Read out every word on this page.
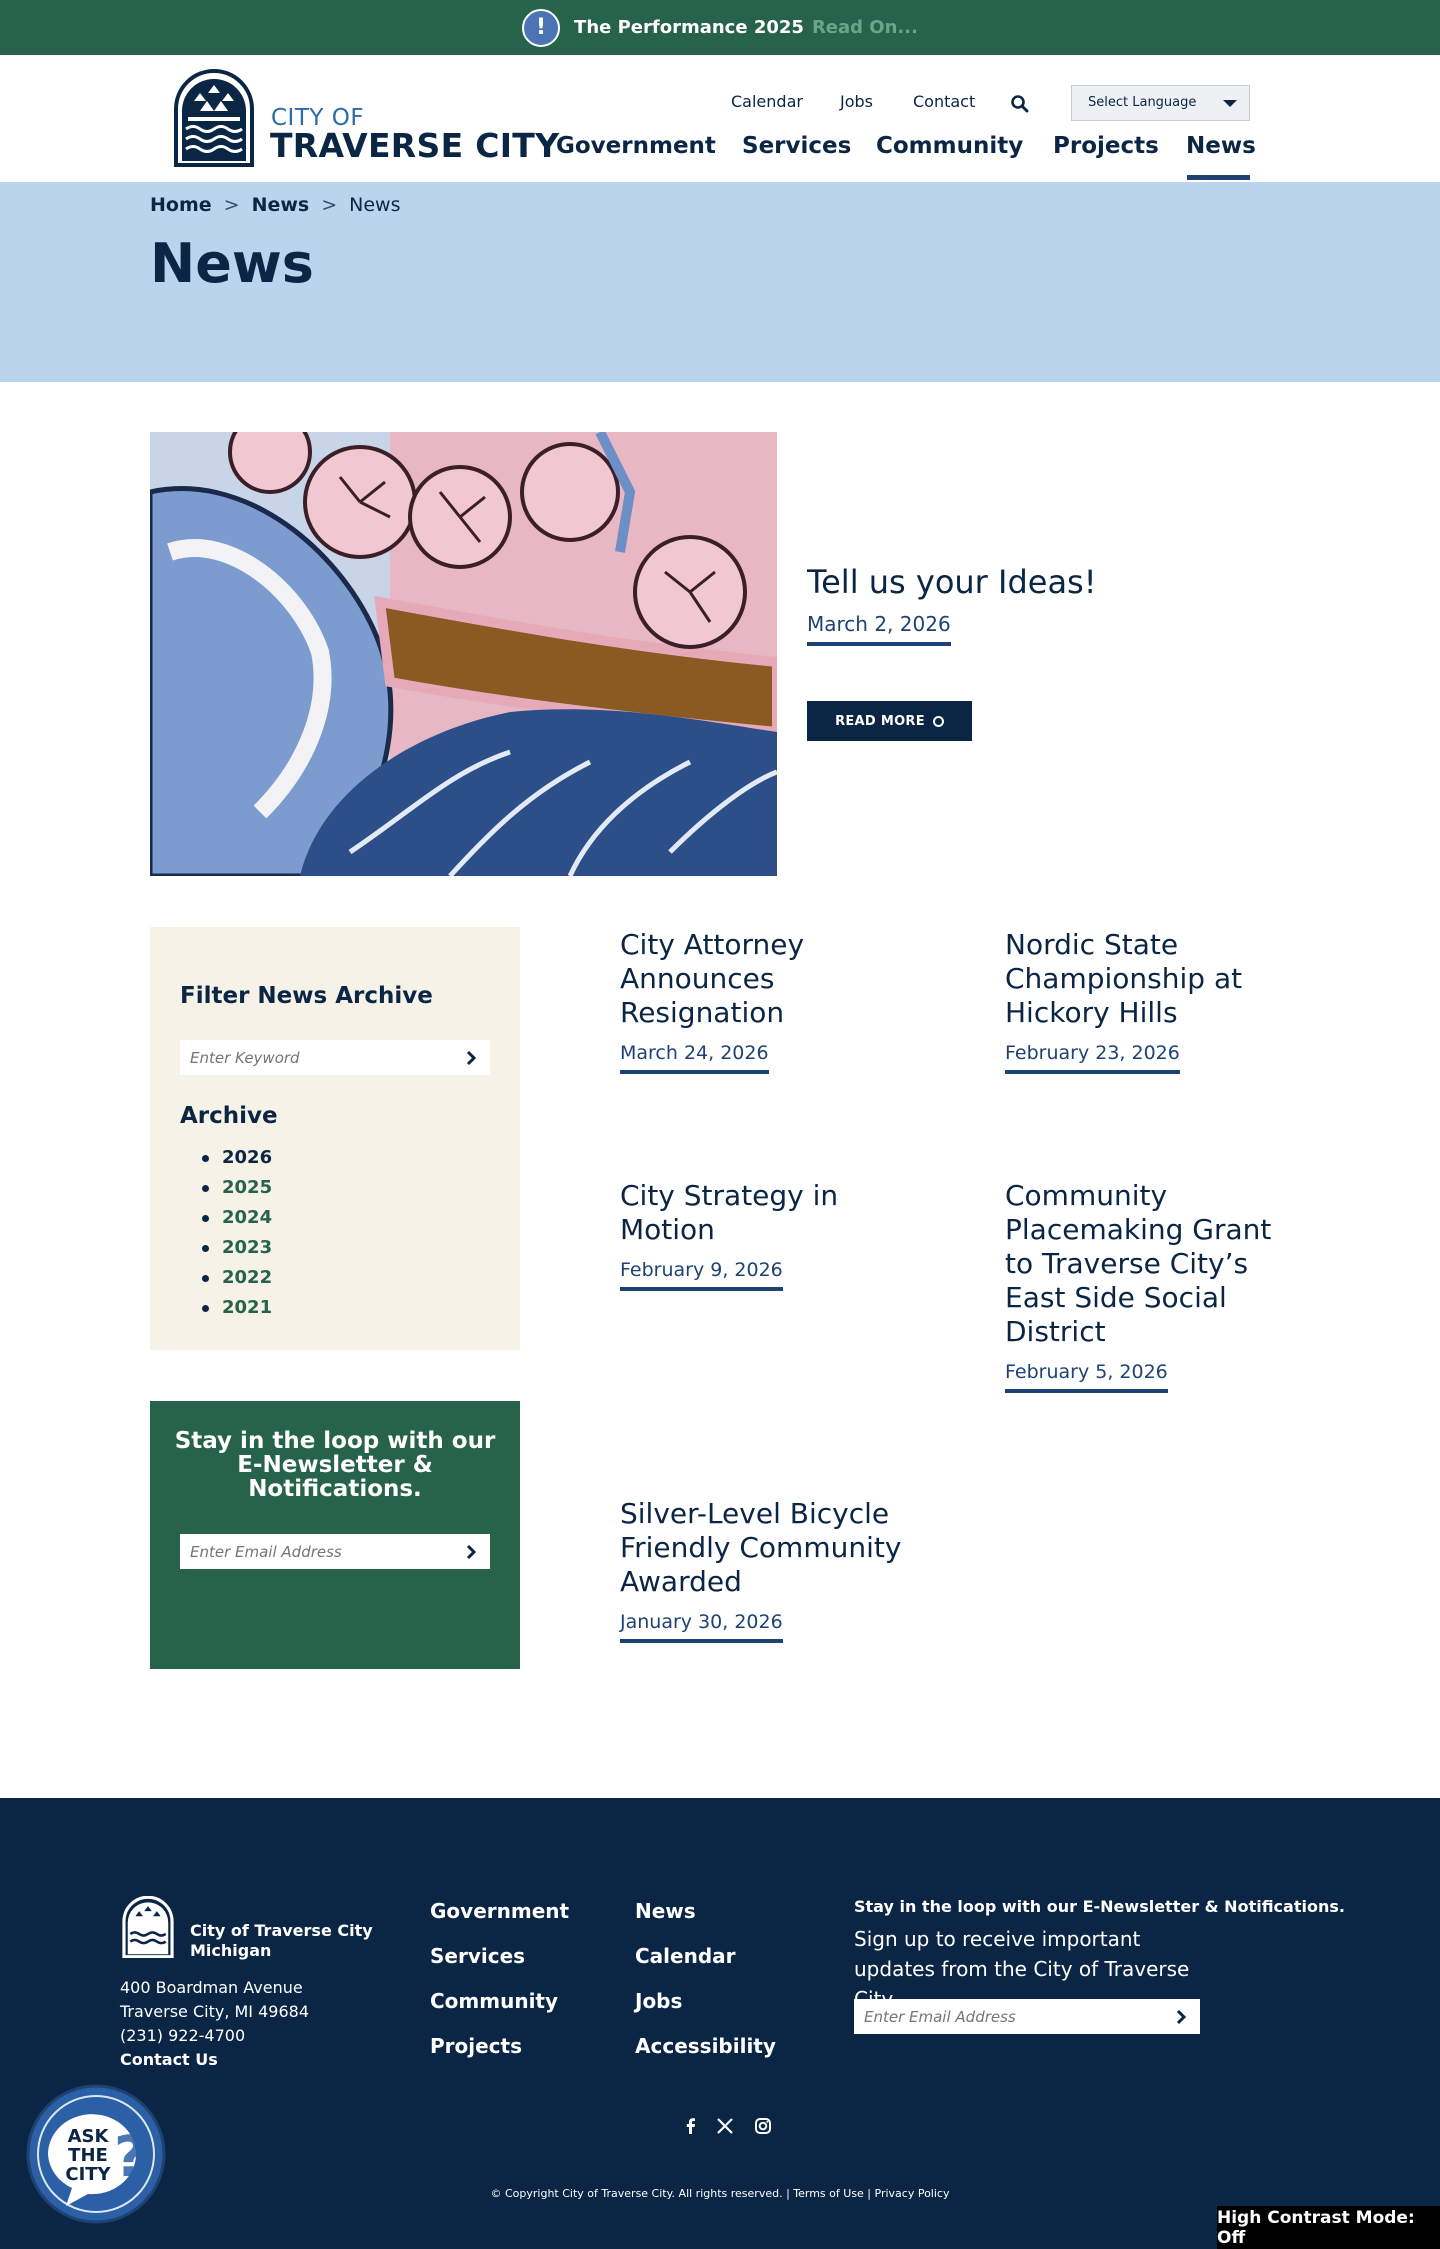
!	The Performance 2025 Read On...
CITY OF
TRAVERSE CITY
Calendar Jobs	Contact	Select Language
Government Services Community Projects News
Home > News > News
News
Tell us your Ideas!
March 2, 2026
READ MORE
Filter News Archive
Enter Keyword
Archive
2026
2025
2024
2023
2022
2021
Stay in the loop with our E-Newsletter & Notifications.
Enter Email Address
City Attorney Announces Resignation
March 24, 2026
Nordic State Championship at Hickory Hills
February 23, 2026
City Strategy in Motion
February 9, 2026
Community Placemaking Grant to Traverse City’s East Side Social District
February 5, 2026
Silver-Level Bicycle Friendly Community Awarded
January 30, 2026
City of Traverse City
Michigan
400 Boardman Avenue
Traverse City, MI 49684
(231) 922-4700
Contact Us
Government
Services
Community
Projects
News
Calendar
Jobs
Accessibility
Stay in the loop with our E-Newsletter & Notifications.
Sign up to receive important updates from the City of Traverse
Enter Email Address
© Copyright City of Traverse City. All rights reserved. | Terms of Use | Privacy Policy
?
ASK
THE
CITY
High Contrast Mode: Off
